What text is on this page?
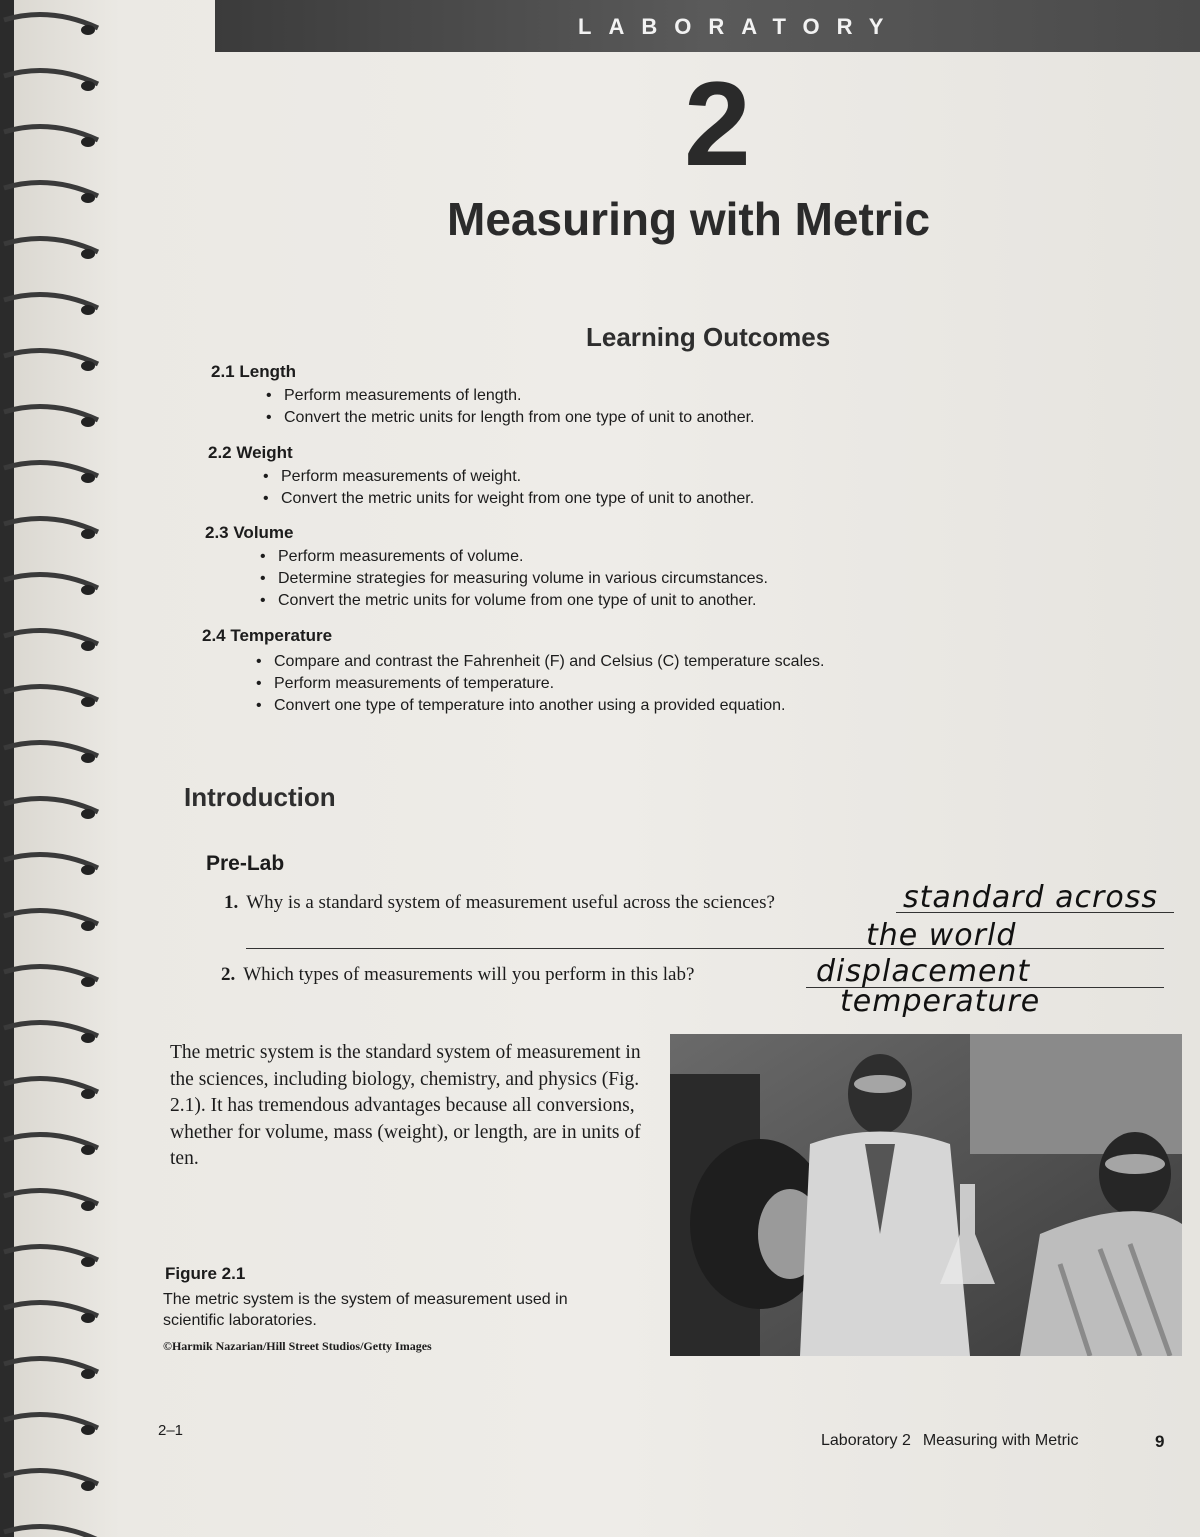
LABORATORY
2
Measuring with Metric
Learning Outcomes
2.1 Length
• Perform measurements of length.
• Convert the metric units for length from one type of unit to another.
2.2 Weight
• Perform measurements of weight.
• Convert the metric units for weight from one type of unit to another.
2.3 Volume
• Perform measurements of volume.
• Determine strategies for measuring volume in various circumstances.
• Convert the metric units for volume from one type of unit to another.
2.4 Temperature
• Compare and contrast the Fahrenheit (F) and Celsius (C) temperature scales.
• Perform measurements of temperature.
• Convert one type of temperature into another using a provided equation.
Introduction
Pre-Lab
1. Why is a standard system of measurement useful across the sciences?	standard across
the world
2. Which types of measurements will you perform in this lab?	displacement
temperature

The metric system is the standard system of measurement in the sciences, including biology, chemistry, and physics (Fig. 2.1). It has tremendous advantages because all conversions, whether for volume, mass (weight), or length, are in units of ten.

Figure 2.1

The metric system is the system of measurement used in scientific laboratories.

©Harmik Nazarian/Hill Street Studios/Getty Images
2–1
Laboratory 2 Measuring with Metric	9
